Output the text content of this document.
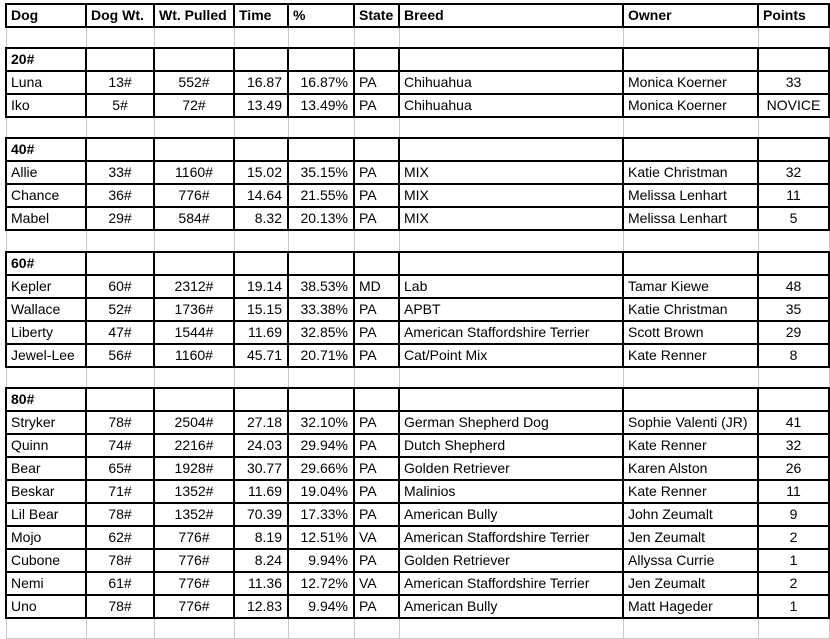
Dog	Dog Wt.	Wt. Pulled	Time	%	State	Breed	Owner	Points

20#								
Luna	13#	552#	16.87	16.87%	PA	Chihuahua	Monica Koerner	33
Iko	5#	72#	13.49	13.49%	PA	Chihuahua	Monica Koerner	NOVICE

40#								
Allie	33#	1160#	15.02	35.15%	PA	MIX	Katie Christman	32
Chance	36#	776#	14.64	21.55%	PA	MIX	Melissa Lenhart	11
Mabel	29#	584#	8.32	20.13%	PA	MIX	Melissa Lenhart	5

60#								
Kepler	60#	2312#	19.14	38.53%	MD	Lab	Tamar Kiewe	48
Wallace	52#	1736#	15.15	33.38%	PA	APBT	Katie Christman	35
Liberty	47#	1544#	11.69	32.85%	PA	American Staffordshire Terrier	Scott Brown	29
Jewel-Lee	56#	1160#	45.71	20.71%	PA	Cat/Point Mix	Kate Renner	8

80#								
Stryker	78#	2504#	27.18	32.10%	PA	German Shepherd Dog	Sophie Valenti (JR)	41
Quinn	74#	2216#	24.03	29.94%	PA	Dutch Shepherd	Kate Renner	32
Bear	65#	1928#	30.77	29.66%	PA	Golden Retriever	Karen Alston	26
Beskar	71#	1352#	11.69	19.04%	PA	Malinios	Kate Renner	11
Lil Bear	78#	1352#	70.39	17.33%	PA	American Bully	John Zeumalt	9
Mojo	62#	776#	8.19	12.51%	VA	American Staffordshire Terrier	Jen Zeumalt	2
Cubone	78#	776#	8.24	9.94%	PA	Golden Retriever	Allyssa Currie	1
Nemi	61#	776#	11.36	12.72%	VA	American Staffordshire Terrier	Jen Zeumalt	2
Uno	78#	776#	12.83	9.94%	PA	American Bully	Matt Hageder	1
